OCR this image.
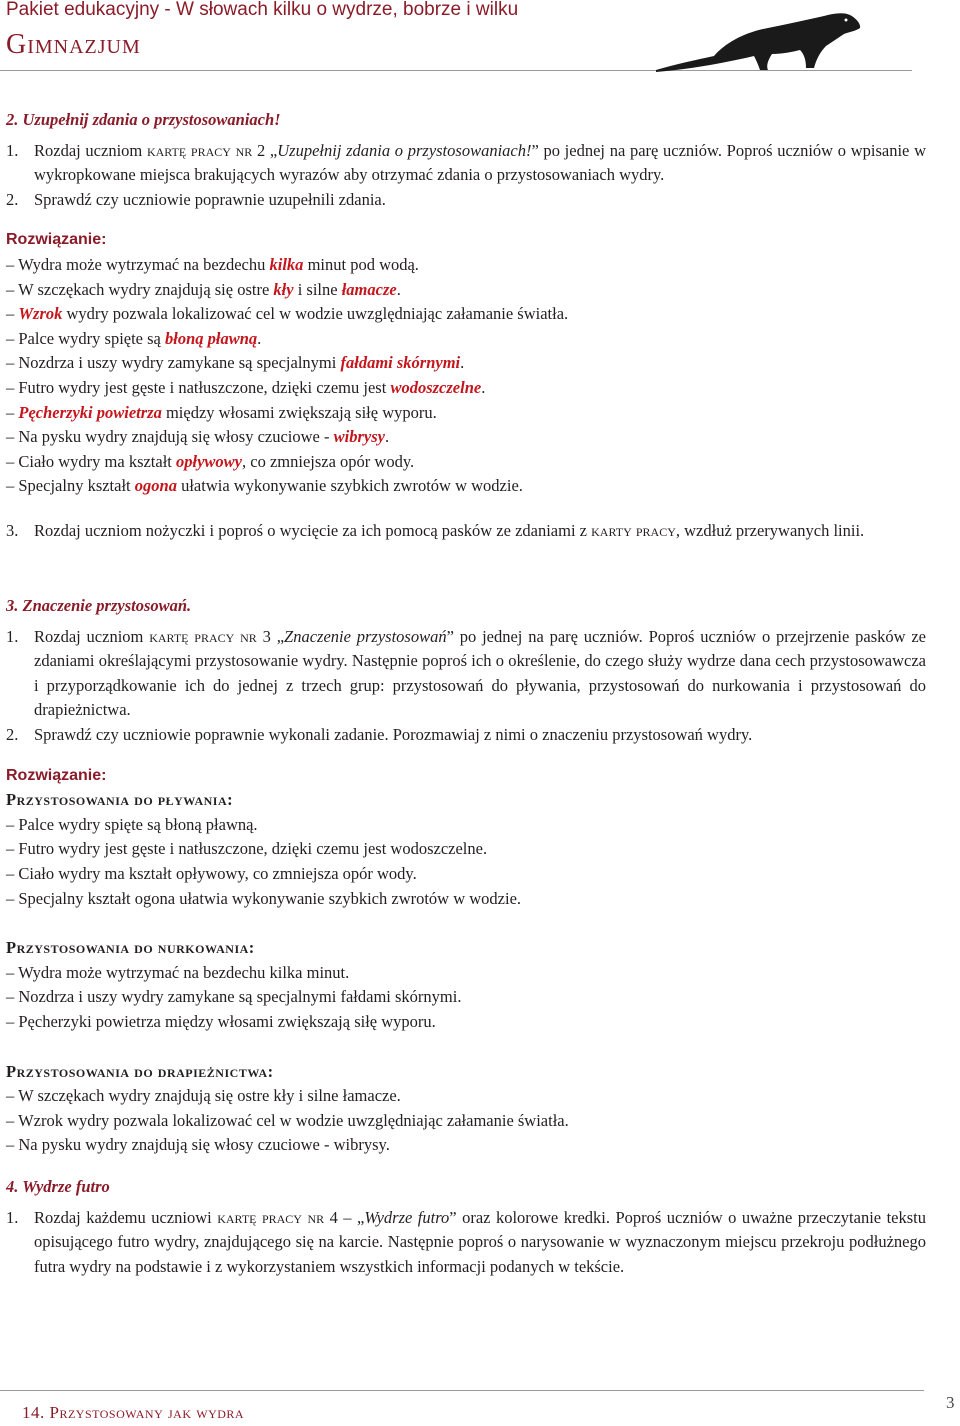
Pakiet edukacyjny - W słowach kilku o wydrze, bobrze i wilku
Gimnazjum
2. Uzupełnij zdania o przystosowaniach!
1. Rozdaj uczniom kartę pracy nr 2 „Uzupełnij zdania o przystosowaniach!” po jednej na parę uczniów. Poproś uczniów o wpisanie w wykropkowane miejsca brakujących wyrazów aby otrzymać zdania o przystosowaniach wydry.
2. Sprawdź czy uczniowie poprawnie uzupełnili zdania.
Rozwiązanie:
– Wydra może wytrzymać na bezdechu kilka minut pod wodą.
– W szczękach wydry znajdują się ostre kły i silne łamacze.
– Wzrok wydry pozwala lokalizować cel w wodzie uwzględniając załamanie światła.
– Palce wydry spięte są błoną pławną.
– Nozdrza i uszy wydry zamykane są specjalnymi fałdami skórnymi.
– Futro wydry jest gęste i natłuszczone, dzięki czemu jest wodoszczelne.
– Pęcherzyki powietrza między włosami zwiększają siłę wyporu.
– Na pysku wydry znajdują się włosy czuciowe - wibrysy.
– Ciało wydry ma kształt opływowy, co zmniejsza opór wody.
– Specjalny kształt ogona ułatwia wykonywanie szybkich zwrotów w wodzie.
3. Rozdaj uczniom nożyczki i poproś o wycięcie za ich pomocą pasków ze zdaniami z karty pracy, wzdłuż przerywanych linii.
3. Znaczenie przystosowań.
1. Rozdaj uczniom kartę pracy nr 3 „Znaczenie przystosowań” po jednej na parę uczniów. Poproś uczniów o przejrzenie pasków ze zdaniami określającymi przystosowanie wydry. Następnie poproś ich o określenie, do czego służy wydrze dana cech przystosowawcza i przyporządkowanie ich do jednej z trzech grup: przystosowań do pływania, przystosowań do nurkowania i przystosowań do drapieżnictwa.
2. Sprawdź czy uczniowie poprawnie wykonali zadanie. Porozmawiaj z nimi o znaczeniu przystosowań wydry.
Rozwiązanie:
Przystosowania do pływania:
– Palce wydry spięte są błoną pławną.
– Futro wydry jest gęste i natłuszczone, dzięki czemu jest wodoszczelne.
– Ciało wydry ma kształt opływowy, co zmniejsza opór wody.
– Specjalny kształt ogona ułatwia wykonywanie szybkich zwrotów w wodzie.
Przystosowania do nurkowania:
– Wydra może wytrzymać na bezdechu kilka minut.
– Nozdrza i uszy wydry zamykane są specjalnymi fałdami skórnymi.
– Pęcherzyki powietrza między włosami zwiększają siłę wyporu.
Przystosowania do drapieżnictwa:
– W szczękach wydry znajdują się ostre kły i silne łamacze.
– Wzrok wydry pozwala lokalizować cel w wodzie uwzględniając załamanie światła.
– Na pysku wydry znajdują się włosy czuciowe - wibrysy.
4. Wydrze futro
1. Rozdaj każdemu uczniowi kartę pracy nr 4 – „Wydrze futro” oraz kolorowe kredki. Poproś uczniów o uważne przeczytanie tekstu opisującego futro wydry, znajdującego się na karcie. Następnie poproś o narysowanie w wyznaczonym miejscu przekroju podłużnego futra wydry na podstawie i z wykorzystaniem wszystkich informacji podanych w tekście.
14. Przystosowany jak wydra
3
